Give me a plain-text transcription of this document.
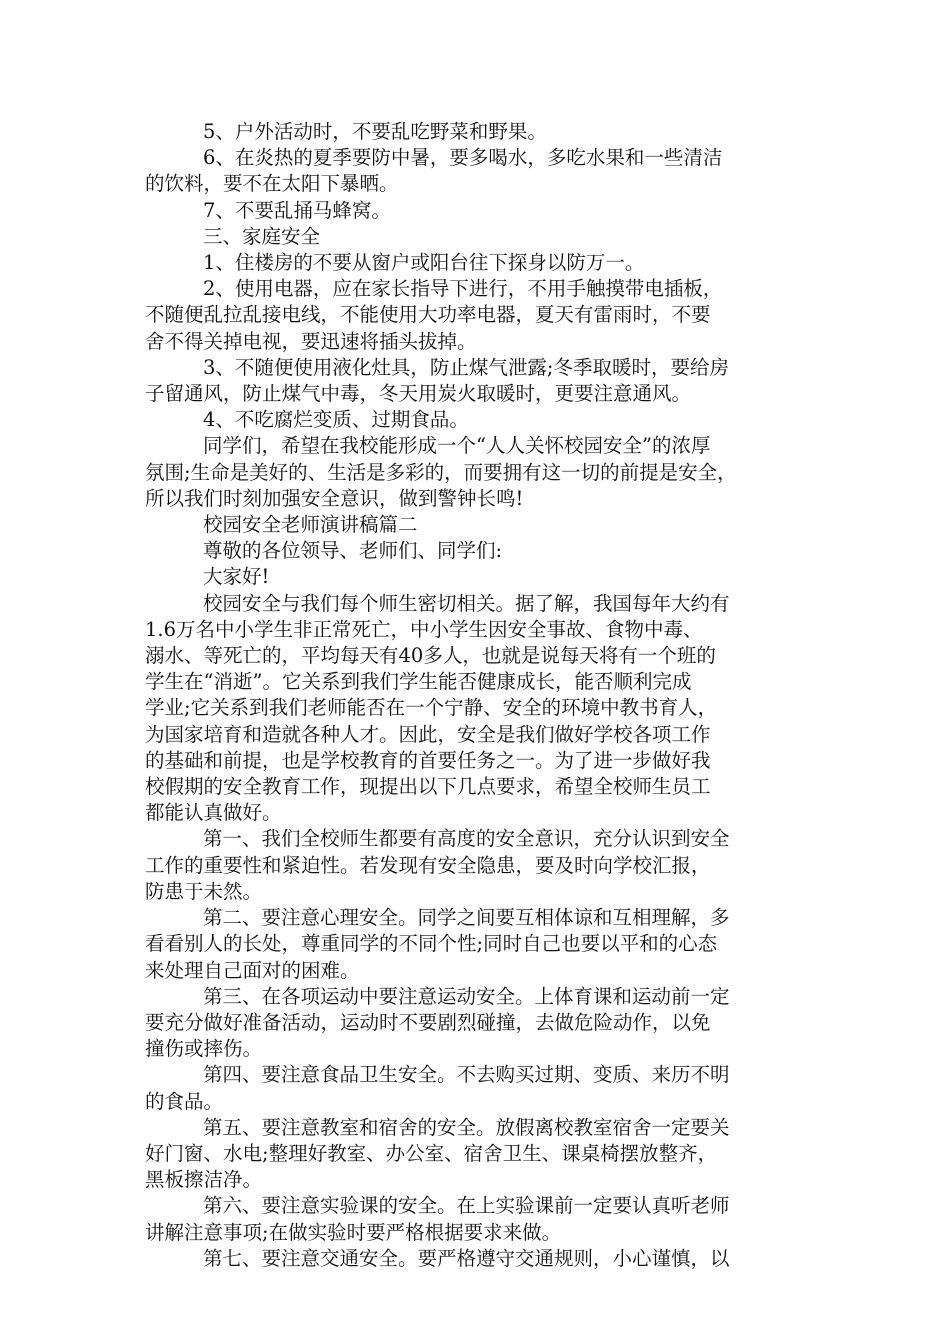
5、户外活动时，不要乱吃野菜和野果。

6、在炎热的夏季要防中暑，要多喝水，多吃水果和一些清洁
的饮料，要不在太阳下暴晒。

7、不要乱捅马蜂窝。

三、家庭安全

1、住楼房的不要从窗户或阳台往下探身以防万一。

2、使用电器，应在家长指导下进行，不用手触摸带电插板，
不随便乱拉乱接电线，不能使用大功率电器，夏天有雷雨时，不要
舍不得关掉电视，要迅速将插头拔掉。

3、不随便使用液化灶具，防止煤气泄露;冬季取暖时，要给房
子留通风，防止煤气中毒，冬天用炭火取暖时，更要注意通风。

4、不吃腐烂变质、过期食品。

同学们，希望在我校能形成一个“人人关怀校园安全”的浓厚
氛围;生命是美好的、生活是多彩的，而要拥有这一切的前提是安全，
所以我们时刻加强安全意识，做到警钟长鸣!

校园安全老师演讲稿篇二

尊敬的各位领导、老师们、同学们:

大家好!

校园安全与我们每个师生密切相关。据了解，我国每年大约有
1.6万名中小学生非正常死亡，中小学生因安全事故、食物中毒、
溺水、等死亡的，平均每天有40多人，也就是说每天将有一个班的
学生在“消逝”。它关系到我们学生能否健康成长，能否顺利完成
学业;它关系到我们老师能否在一个宁静、安全的环境中教书育人，
为国家培育和造就各种人才。因此，安全是我们做好学校各项工作
的基础和前提，也是学校教育的首要任务之一。为了进一步做好我
校假期的安全教育工作，现提出以下几点要求，希望全校师生员工
都能认真做好。

第一、我们全校师生都要有高度的安全意识，充分认识到安全
工作的重要性和紧迫性。若发现有安全隐患，要及时向学校汇报，
防患于未然。

第二、要注意心理安全。同学之间要互相体谅和互相理解，多
看看别人的长处，尊重同学的不同个性;同时自己也要以平和的心态
来处理自己面对的困难。

第三、在各项运动中要注意运动安全。上体育课和运动前一定
要充分做好准备活动，运动时不要剧烈碰撞，去做危险动作，以免
撞伤或摔伤。

第四、要注意食品卫生安全。不去购买过期、变质、来历不明
的食品。

第五、要注意教室和宿舍的安全。放假离校教室宿舍一定要关
好门窗、水电;整理好教室、办公室、宿舍卫生、课桌椅摆放整齐，
黑板擦洁净。

第六、要注意实验课的安全。在上实验课前一定要认真听老师
讲解注意事项;在做实验时要严格根据要求来做。

第七、要注意交通安全。要严格遵守交通规则，小心谨慎，以
